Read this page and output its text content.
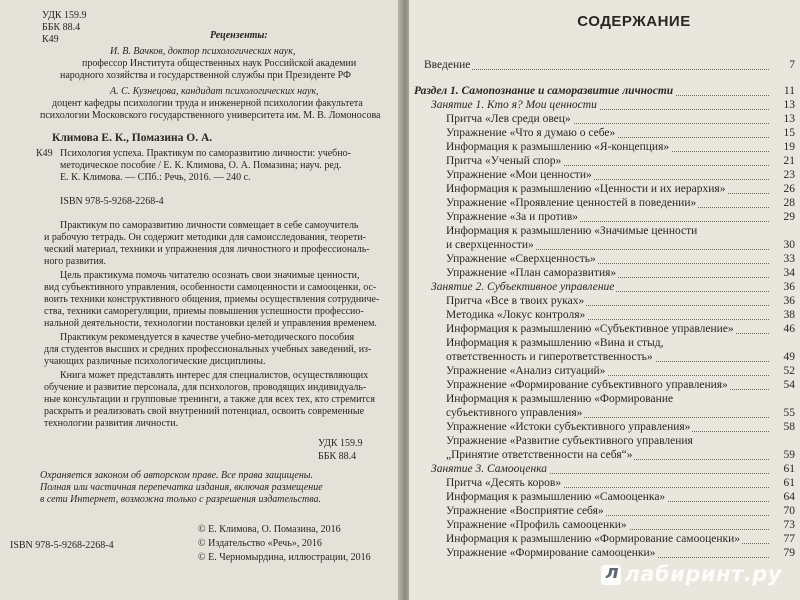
УДК 159.9
ББК 88.4
К49	Рецензенты:
И. В. Вачков, доктор психологических наук,
профессор Института общественных наук Российской академии
народного хозяйства и государственной службы при Президенте РФ
А. С. Кузнецова, кандидат психологических наук,
доцент кафедры психологии труда и инженерной психологии факультета
психологии Московского государственного университета им. М. В. Ломоносова
Климова Е. К., Помазина О. А.
К49 Психология успеха. Практикум по саморазвитию личности: учебно-
методическое пособие / Е. К. Климова, О. А. Помазина; науч. ред.
Е. К. Климова. — СПб.: Речь, 2016. — 240 с.
ISBN 978-5-9268-2268-4
Практикум по саморазвитию личности совмещает в себе самоучитель
и рабочую тетрадь. Он содержит методики для самоисследования, теорети-
ческий материал, техники и упражнения для личностного и профессиональ-
ного развития.
Цель практикума помочь читателю осознать свои значимые ценности,
вид субъективного управления, особенности самоценности и самооценки, ос-
воить техники конструктивного общения, приемы осуществления сотрудниче-
ства, техники саморегуляции, приемы повышения успешности профессио-
нальной деятельности, технологии постановки целей и управления временем.
Практикум рекомендуется в качестве учебно-методического пособия
для студентов высших и средних профессиональных учебных заведений, из-
учающих различные психологические дисциплины.
Книга может представлять интерес для специалистов, осуществляющих
обучение и развитие персонала, для психологов, проводящих индивидуаль-
ные консультации и групповые тренинги, а также для всех тех, кто стремится
раскрыть и реализовать свой внутренний потенциал, освоить современные
технологии развития личности.
УДК 159.9
ББК 88.4
Охраняется законом об авторском праве. Все права защищены.
Полная или частичная перепечатка издания, включая размещение
в сети Интернет, возможна только с разрешения издательства.
ISBN 978-5-9268-2268-4
© Е. Климова, О. Помазина, 2016
© Издательство «Речь», 2016
© Е. Черномырдина, иллюстрации, 2016
СОДЕРЖАНИЕ
Введение	7
Раздел 1. Самопознание и саморазвитие личности	11
Занятие 1. Кто я? Мои ценности	13
Притча «Лев среди овец»	13
Упражнение «Что я думаю о себе»	15
Информация к размышлению «Я-концепция»	19
Притча «Ученый спор»	21
Упражнение «Мои ценности»	23
Информация к размышлению «Ценности и их иерархия»	26
Упражнение «Проявление ценностей в поведении»	28
Упражнение «За и против»	29
Информация к размышлению «Значимые ценности
и сверхценности»	30
Упражнение «Сверхценность»	33
Упражнение «План саморазвития»	34
Занятие 2. Субъективное управление	36
Притча «Все в твоих руках»	36
Методика «Локус контроля»	38
Информация к размышлению «Субъективное управление»	46
Информация к размышлению «Вина и стыд,
ответственность и гиперответственность»	49
Упражнение «Анализ ситуаций»	52
Упражнение «Формирование субъективного управления»	54
Информация к размышлению «Формирование
субъективного управления»	55
Упражнение «Истоки субъективного управления»	58
Упражнение «Развитие субъективного управления
„Принятие ответственности на себя“»	59
Занятие 3. Самооценка	61
Притча «Десять коров»	61
Информация к размышлению «Самооценка»	64
Упражнение «Восприятие себя»	70
Упражнение «Профиль самооценки»	73
Информация к размышлению «Формирование самооценки»	77
Упражнение «Формирование самооценки»	79
ллабиринт.ру
